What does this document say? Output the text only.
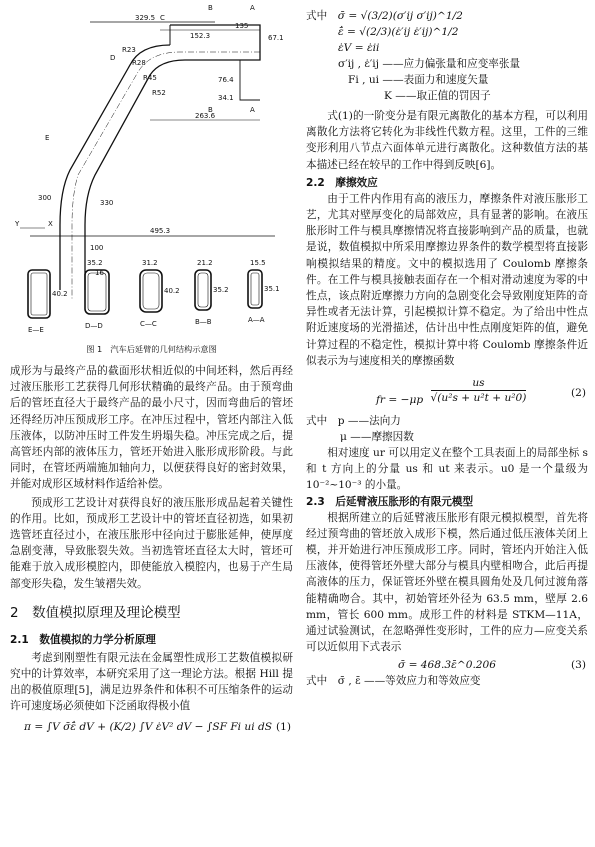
329.5
135
67.1
152.3
B	A
B	A
C
D
E
R23
R28
R45
R52
76.4
34.1
263.6
300
330
100
16
Y	X
495.3
40.2
E—E
35.2
D—D
31.2
40.2
C—C
21.2
35.2
B—B
15.5
35.1
A—A
图 1　汽车后延臂的几何结构示意图

成形为与最终产品的截面形状相近似的中间坯料，然后再经过液压胀形工艺获得几何形状精确的最终产品。由于预弯曲后的管坯直径大于最终产品的最小尺寸，因而弯曲后的管坯还得经历冲压预成形工序。在冲压过程中，管坯内部注入低压液体，以防冲压时工件发生坍塌失稳。冲压完成之后，提高管坯内部的液体压力，管坯开始进入胀形成形阶段。与此同时，在管坯两端施加轴向力，以便获得良好的密封效果，并能对成形区域材料作适给补偿。

预成形工艺设计对获得良好的液压胀形成品起着关键性的作用。比如，预成形工艺设计中的管坯直径初选，如果初选管坯直径过小，在液压胀形中径向过于膨胀延伸，使厚度急剧变薄，导致胀裂失效。当初选管坯直径太大时，管坯可能难于放入成形模腔内，即使能放入模腔内，也易于产生局部变形失稳，发生皱褶失效。

2　数值模拟原理及理论模型
2.1　数值模拟的力学分析原理

考虑到刚塑性有限元法在金属塑性成形工艺数值模拟研究中的计算效率，本研究采用了这一理论方法。根据 Hill 提出的极值原理[5]，满足边界条件和体积不可压缩条件的运动许可速度场必须使如下泛函取得极小值

π = ∫V σ̄ε̄̇ dV + (K/2) ∫V ε̇V² dV − ∫SF Fi ui dS (1)
式中　 σ̄ = √(3/2)(σ′ij σ′ij)^1/2
ε̄̇ = √(2/3)(ε̇′ij ε̇′ij)^1/2
ε̇V = ε̇ii
σ′ij , ε̇′ij ——应力偏张量和应变率张量
Fi , ui ——表面力和速度矢量
K ——取正值的罚因子

式(1)的一阶变分是有限元离散化的基本方程，可以利用离散化方法将它转化为非线性代数方程。这里，工件的三维变形利用八节点六面体单元进行离散化。这种数值方法的基本描述已经在较早的工作中得到反映[6]。

2.2　摩擦效应

由于工件内作用有高的液压力，摩擦条件对液压胀形工艺，尤其对壁厚变化的局部效应，具有显著的影响。在液压胀形时工件与模具摩擦情况将直接影响到产品的质量，也就是说，数值模拟中所采用摩擦边界条件的数学模型将直接影响模拟结果的精度。文中的模拟选用了 Coulomb 摩擦条件。在工件与模具接触表面存在一个相对滑动速度为零的中性点，该点附近摩擦力方向的急剧变化会导致刚度矩阵的奇异性或者无法计算，引起模拟计算不稳定。为了给出中性点附近速度场的光滑描述，估计出中性点刚度矩阵的值，避免计算过程的不稳定性，模拟计算中将 Coulomb 摩擦条件近似表示为与速度相关的摩擦函数

fr = $-\mu p \frac{us}{\text{√(u²s + u²t + u²0)}}$	(2)
式中　 p ——法向力
μ ——摩擦因数

相对速度 ur 可以用定义在整个工具表面上的局部坐标 s 和 t 方向上的分量 us 和 ut 来表示。u0 是一个量级为 10⁻²~10⁻³ 的小量。

2.3　后延臂液压胀形的有限元模型

根据所建立的后延臂液压胀形有限元模拟模型，首先将经过预弯曲的管坯放入成形下模，然后通过低压液体关闭上模，并开始进行冲压预成形工序。同时，管坯内开始注入低压液体，使得管坯外壁大部分与模具内壁相吻合，此后再提高液体的压力，保证管坯外壁在模具圆角处及几何过渡角落能精确吻合。其中，初始管坯外径为 63.5 mm，壁厚 2.6 mm，管长 600 mm。成形工件的材料是 STKM—11A，通过试验测试，在忽略弹性变形时，工件的应力—应变关系可以近似用下式表示

σ̄ = 468.3ε̄^0.206	(3)
式中　σ̄ , ε̄ ——等效应力和等效应变
